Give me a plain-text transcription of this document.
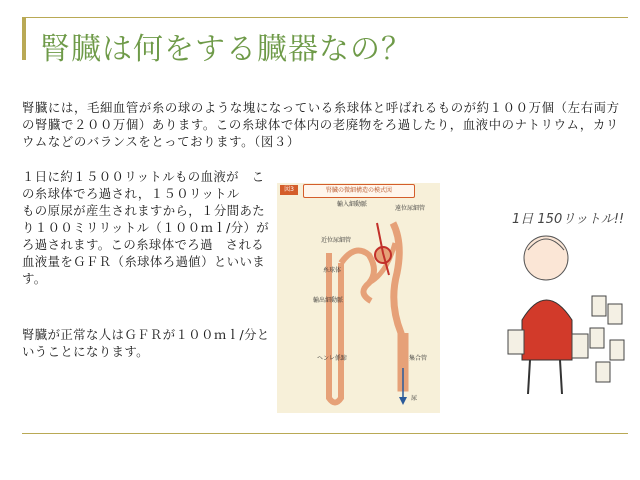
腎臓は何をする臓器なの？
腎臓には，毛細血管が糸の球のような塊になっている糸球体と呼ばれるものが約１００万個（左右両方の腎臓で２００万個）あります。この糸球体で体内の老廃物をろ過したり，血液中のナトリウム，カリウムなどのバランスをとっております。（図３）
１日に約１５００リットルもの血液が　この糸球体でろ過され，１５０リットル　　もの原尿が産生されますから，１分間あたり１００ミリリットル（１００ｍｌ/分）がろ過されます。この糸球体でろ過　される血液量をＧＦＲ（糸球体ろ過値）といいます。
腎臓が正常な人はＧＦＲが１００ｍｌ/分ということになります。
図3	腎臓の微細構造の模式図
輸入細動脈
遠位尿細管
近位尿細管
糸球体
輸出細動脈
ヘンレ係蹄	集合管
尿
1日 150リットル!!
